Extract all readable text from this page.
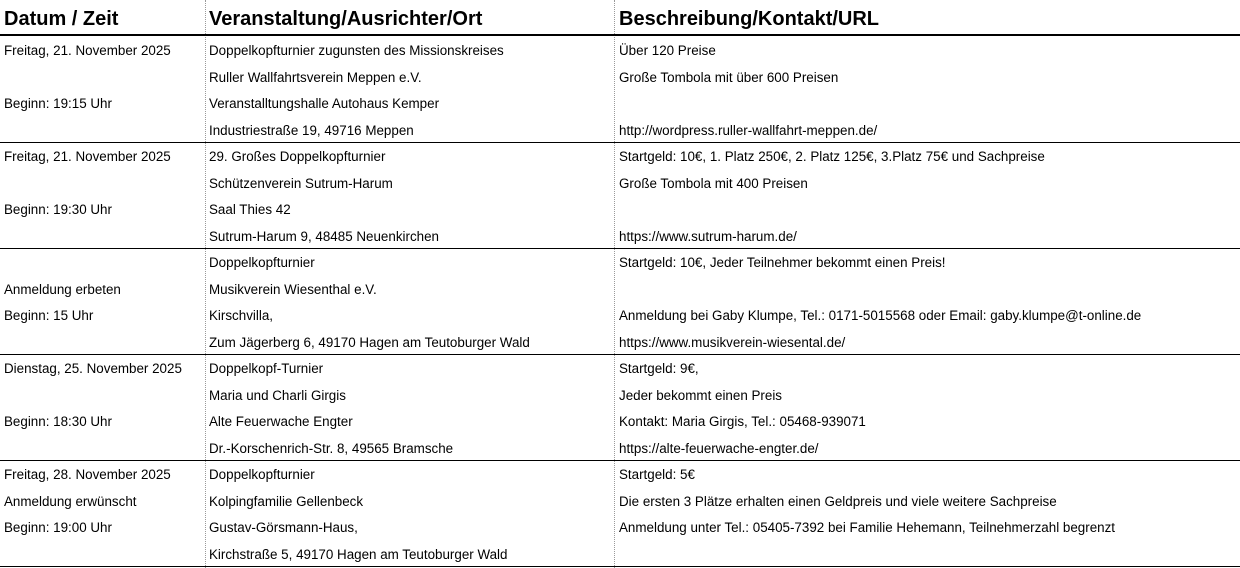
Datum / Zeit	Veranstaltung/Ausrichter/Ort	Beschreibung/Kontakt/URL
Freitag, 21. November 2025
Beginn: 19:15 Uhr
Doppelkopfturnier zugunsten des Missionskreises
Ruller Wallfahrtsverein Meppen e.V.
Veranstalltungshalle Autohaus Kemper
Industriestraße 19, 49716 Meppen
Über 120 Preise
Große Tombola mit über 600 Preisen
http://wordpress.ruller-wallfahrt-meppen.de/
Freitag, 21. November 2025
Beginn: 19:30 Uhr
29. Großes Doppelkopfturnier
Schützenverein Sutrum-Harum
Saal Thies 42
Sutrum-Harum 9, 48485 Neuenkirchen
Startgeld: 10€, 1. Platz 250€, 2. Platz 125€, 3.Platz 75€ und Sachpreise
Große Tombola mit 400 Preisen
https://www.sutrum-harum.de/
Anmeldung erbeten
Beginn: 15 Uhr
Doppelkopfturnier
Musikverein Wiesenthal e.V.
Kirschvilla,
Zum Jägerberg 6, 49170 Hagen am Teutoburger Wald
Startgeld: 10€, Jeder Teilnehmer bekommt einen Preis!
Anmeldung bei Gaby Klumpe, Tel.: 0171-5015568 oder Email: gaby.klumpe@t-online.de
https://www.musikverein-wiesental.de/
Dienstag, 25. November 2025
Beginn: 18:30 Uhr
Doppelkopf-Turnier
Maria und Charli Girgis
Alte Feuerwache Engter
Dr.-Korschenrich-Str. 8, 49565 Bramsche
Startgeld: 9€,
Jeder bekommt einen Preis
Kontakt: Maria Girgis, Tel.: 05468-939071
https://alte-feuerwache-engter.de/
Freitag, 28. November 2025
Anmeldung erwünscht
Beginn: 19:00 Uhr
Doppelkopfturnier
Kolpingfamilie Gellenbeck
Gustav-Görsmann-Haus,
Kirchstraße 5, 49170 Hagen am Teutoburger Wald
Startgeld: 5€
Die ersten 3 Plätze erhalten einen Geldpreis und viele weitere Sachpreise
Anmeldung unter Tel.: 05405-7392 bei Familie Hehemann, Teilnehmerzahl begrenzt
